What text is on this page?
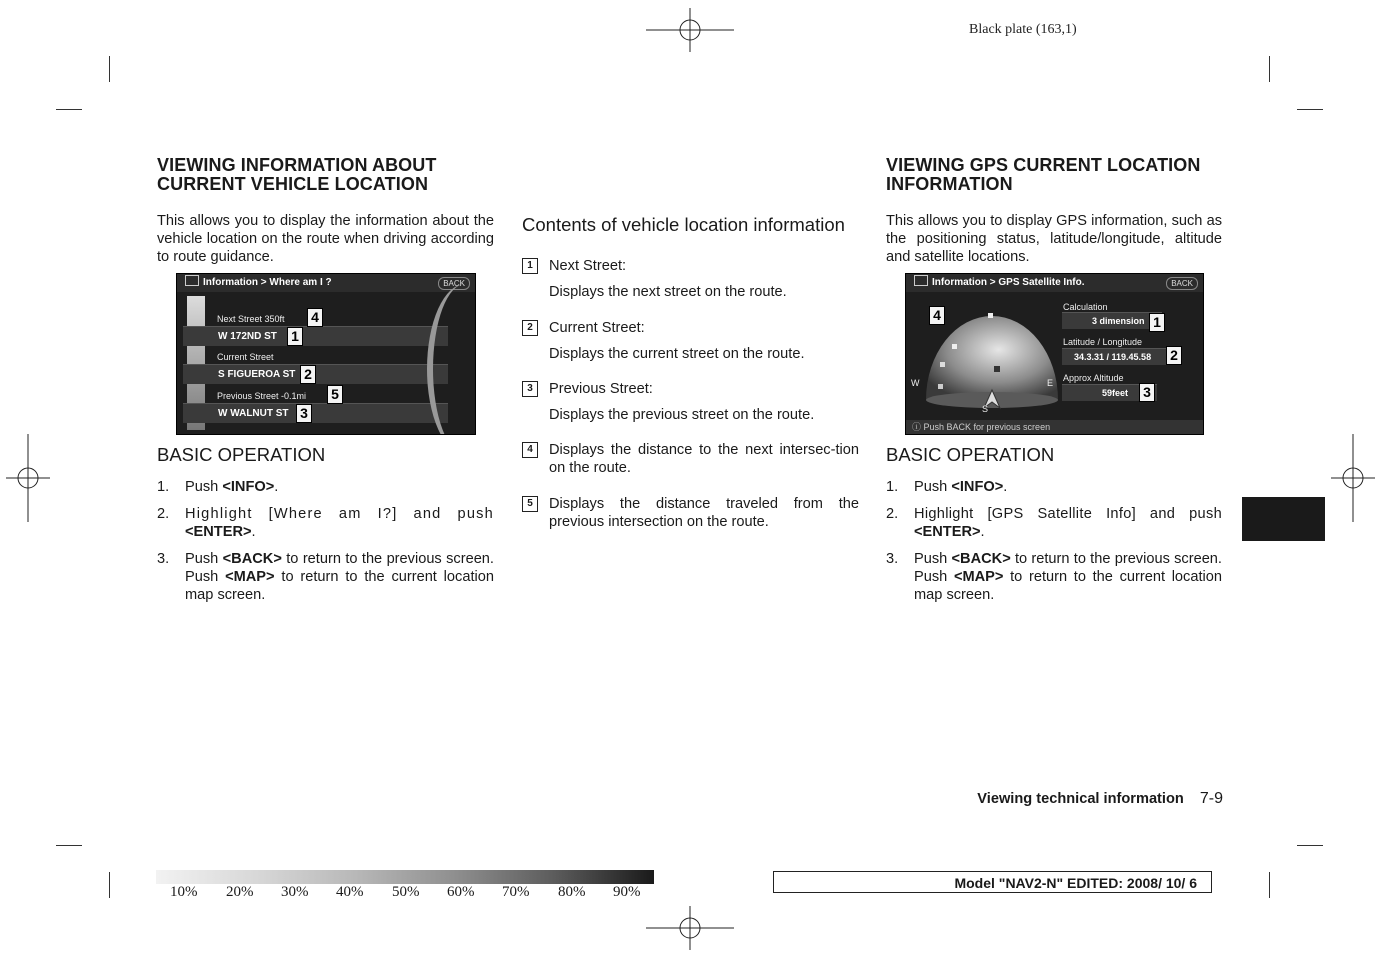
Black plate (163,1)
VIEWING INFORMATION ABOUT
CURRENT VEHICLE LOCATION
This allows you to display the information about the vehicle location on the route when driving according to route guidance.
Information > Where am I ?	BACK
Next Street 350ft
W 172ND ST
Current Street
S FIGUEROA ST
Previous Street -0.1mi
W WALNUT ST
4
1
2
5
3
BASIC OPERATION
1. Push <INFO>.
2. Highlight [Where am I?] and push <ENTER>.
3. Push <BACK> to return to the previous screen. Push <MAP> to return to the current location map screen.
Contents of vehicle location information
1	Next Street:
Displays the next street on the route.
2	Current Street:
Displays the current street on the route.
3	Previous Street:
Displays the previous street on the route.
4	Displays the distance to the next intersec-tion on the route.
5	Displays the distance traveled from the previous intersection on the route.
VIEWING GPS CURRENT LOCATION
INFORMATION
This allows you to display GPS information, such as the positioning status, latitude/longitude, altitude and satellite locations.
Information > GPS Satellite Info.	BACK
W	E
S
Calculation
3 dimension
Latitude / Longitude
34.3.31 / 119.45.58
Approx Altitude
59feet
ⓘ Push BACK for previous screen
4	1
2
3
BASIC OPERATION
1. Push <INFO>.
2. Highlight [GPS Satellite Info] and push <ENTER>.
3. Push <BACK> to return to the previous screen. Push <MAP> to return to the current location map screen.
Viewing technical information 7-9
10% 20% 30% 40% 50% 60% 70% 80% 90%
Model "NAV2-N" EDITED: 2008/ 10/ 6
